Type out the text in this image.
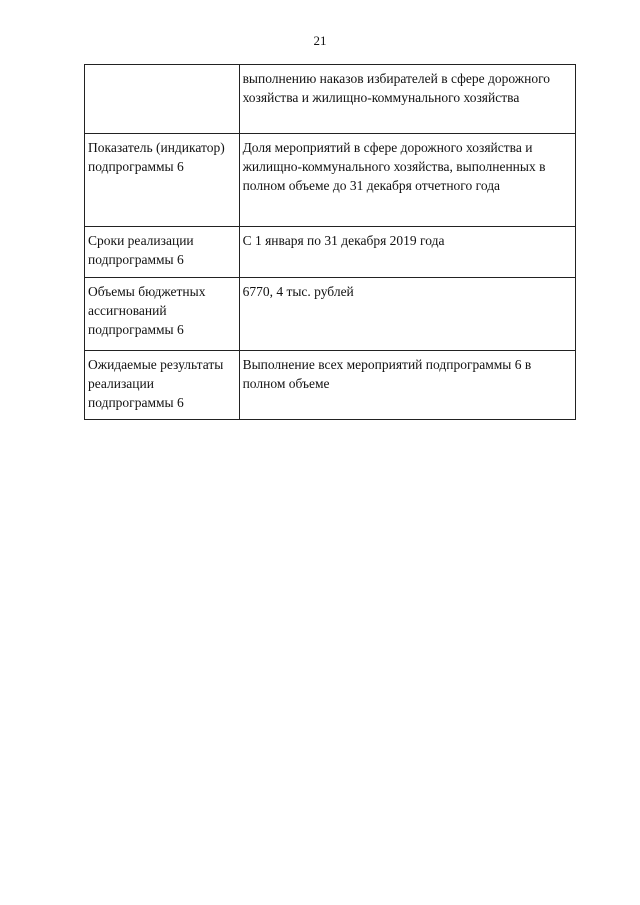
21
	выполнению наказов избирателей в сфере дорожного хозяйства и жилищно-коммунального хозяйства
Показатель (индикатор) подпрограммы 6	Доля мероприятий в сфере дорожного хозяйства и жилищно-коммунального хозяйства, выполненных в полном объеме до 31 декабря отчетного года
Сроки реализации подпрограммы 6	С 1 января по 31 декабря 2019 года
Объемы бюджетных ассигнований подпрограммы 6	6770, 4 тыс. рублей
Ожидаемые результаты реализации подпрограммы 6	Выполнение всех мероприятий подпрограммы 6 в полном объеме
